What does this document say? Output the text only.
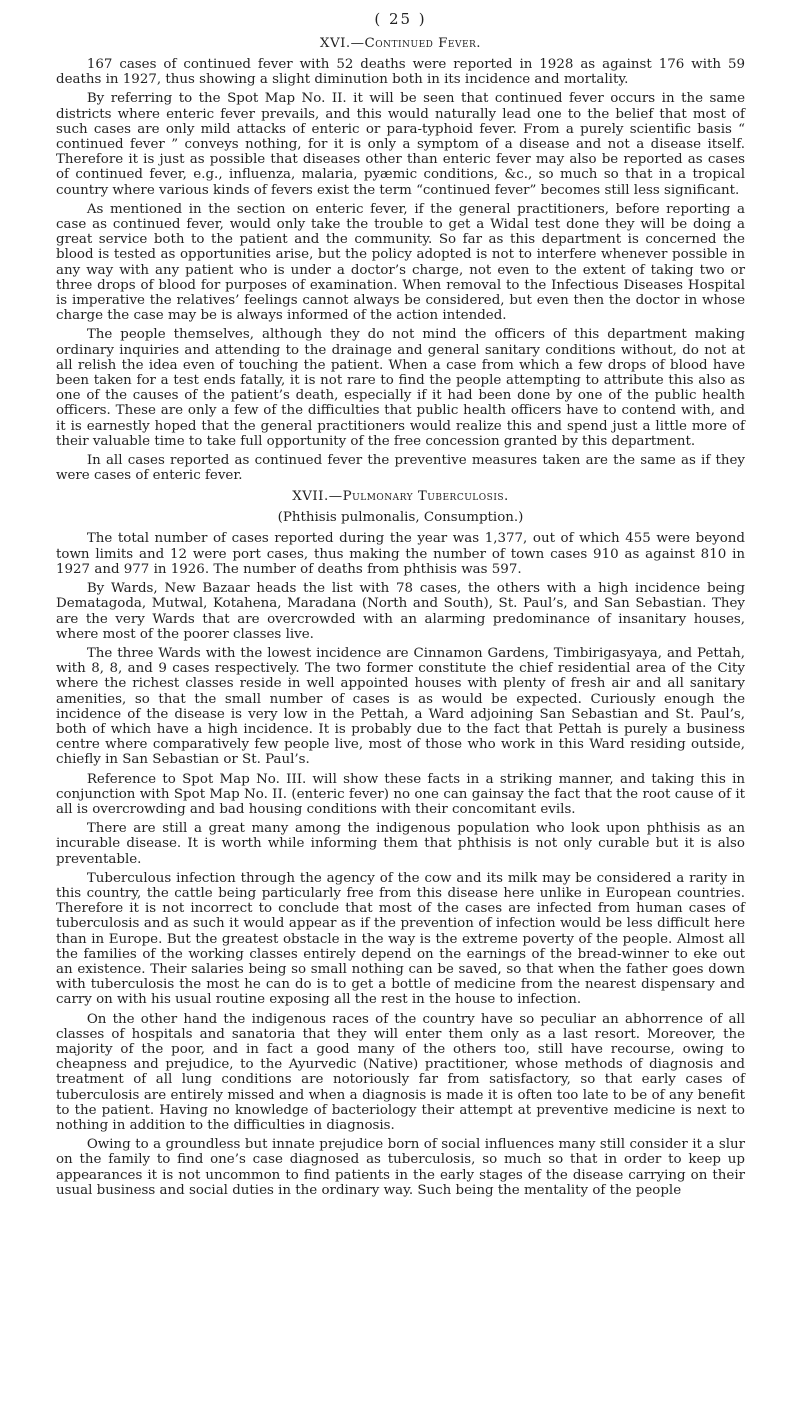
( 25 )
XVI.—Continued Fever.

167 cases of continued fever with 52 deaths were reported in 1928 as against 176 with 59 deaths in 1927, thus showing a slight diminution both in its incidence and mortality.

By referring to the Spot Map No. II. it will be seen that continued fever occurs in the same districts where enteric fever prevails, and this would naturally lead one to the belief that most of such cases are only mild attacks of enteric or para-typhoid fever. From a purely scientific basis “ continued fever ” conveys nothing, for it is only a symptom of a disease and not a disease itself. Therefore it is just as possible that diseases other than enteric fever may also be reported as cases of continued fever, e.g., influenza, malaria, pyæmic conditions, &c., so much so that in a tropical country where various kinds of fevers exist the term “continued fever” becomes still less significant.

As mentioned in the section on enteric fever, if the general practitioners, before reporting a case as continued fever, would only take the trouble to get a Widal test done they will be doing a great service both to the patient and the community. So far as this department is concerned the blood is tested as opportunities arise, but the policy adopted is not to interfere whenever possible in any way with any patient who is under a doctor’s charge, not even to the extent of taking two or three drops of blood for purposes of examination. When removal to the Infectious Diseases Hospital is imperative the relatives’ feelings cannot always be considered, but even then the doctor in whose charge the case may be is always informed of the action intended.

The people themselves, although they do not mind the officers of this department making ordinary inquiries and attending to the drainage and general sanitary conditions without, do not at all relish the idea even of touching the patient. When a case from which a few drops of blood have been taken for a test ends fatally, it is not rare to find the people attempting to attribute this also as one of the causes of the patient’s death, especially if it had been done by one of the public health officers. These are only a few of the difficulties that public health officers have to contend with, and it is earnestly hoped that the general practitioners would realize this and spend just a little more of their valuable time to take full opportunity of the free concession granted by this department.

In all cases reported as continued fever the preventive measures taken are the same as if they were cases of enteric fever.

XVII.—Pulmonary Tuberculosis.
(Phthisis pulmonalis, Consumption.)

The total number of cases reported during the year was 1,377, out of which 455 were beyond town limits and 12 were port cases, thus making the number of town cases 910 as against 810 in 1927 and 977 in 1926. The number of deaths from phthisis was 597.

By Wards, New Bazaar heads the list with 78 cases, the others with a high incidence being Dematagoda, Mutwal, Kotahena, Maradana (North and South), St. Paul’s, and San Sebastian. They are the very Wards that are overcrowded with an alarming predominance of insanitary houses, where most of the poorer classes live.

The three Wards with the lowest incidence are Cinnamon Gardens, Timbirigasyaya, and Pettah, with 8, 8, and 9 cases respectively. The two former constitute the chief residential area of the City where the richest classes reside in well appointed houses with plenty of fresh air and all sanitary amenities, so that the small number of cases is as would be expected. Curiously enough the incidence of the disease is very low in the Pettah, a Ward adjoining San Sebastian and St. Paul’s, both of which have a high incidence. It is probably due to the fact that Pettah is purely a business centre where comparatively few people live, most of those who work in this Ward residing outside, chiefly in San Sebastian or St. Paul’s.

Reference to Spot Map No. III. will show these facts in a striking manner, and taking this in conjunction with Spot Map No. II. (enteric fever) no one can gainsay the fact that the root cause of it all is overcrowding and bad housing conditions with their concomitant evils.

There are still a great many among the indigenous population who look upon phthisis as an incurable disease. It is worth while informing them that phthisis is not only curable but it is also preventable.

Tuberculous infection through the agency of the cow and its milk may be considered a rarity in this country, the cattle being particularly free from this disease here unlike in European countries. Therefore it is not incorrect to conclude that most of the cases are infected from human cases of tuberculosis and as such it would appear as if the prevention of infection would be less difficult here than in Europe. But the greatest obstacle in the way is the extreme poverty of the people. Almost all the families of the working classes entirely depend on the earnings of the bread-winner to eke out an existence. Their salaries being so small nothing can be saved, so that when the father goes down with tuberculosis the most he can do is to get a bottle of medicine from the nearest dispensary and carry on with his usual routine exposing all the rest in the house to infection.

On the other hand the indigenous races of the country have so peculiar an abhorrence of all classes of hospitals and sanatoria that they will enter them only as a last resort. Moreover, the majority of the poor, and in fact a good many of the others too, still have recourse, owing to cheapness and prejudice, to the Ayurvedic (Native) practitioner, whose methods of diagnosis and treatment of all lung conditions are notoriously far from satisfactory, so that early cases of tuberculosis are entirely missed and when a diagnosis is made it is often too late to be of any benefit to the patient. Having no knowledge of bacteriology their attempt at preventive medicine is next to nothing in addition to the difficulties in diagnosis.

Owing to a groundless but innate prejudice born of social influences many still consider it a slur on the family to find one’s case diagnosed as tuberculosis, so much so that in order to keep up appearances it is not uncommon to find patients in the early stages of the disease carrying on their usual business and social duties in the ordinary way. Such being the mentality of the people
